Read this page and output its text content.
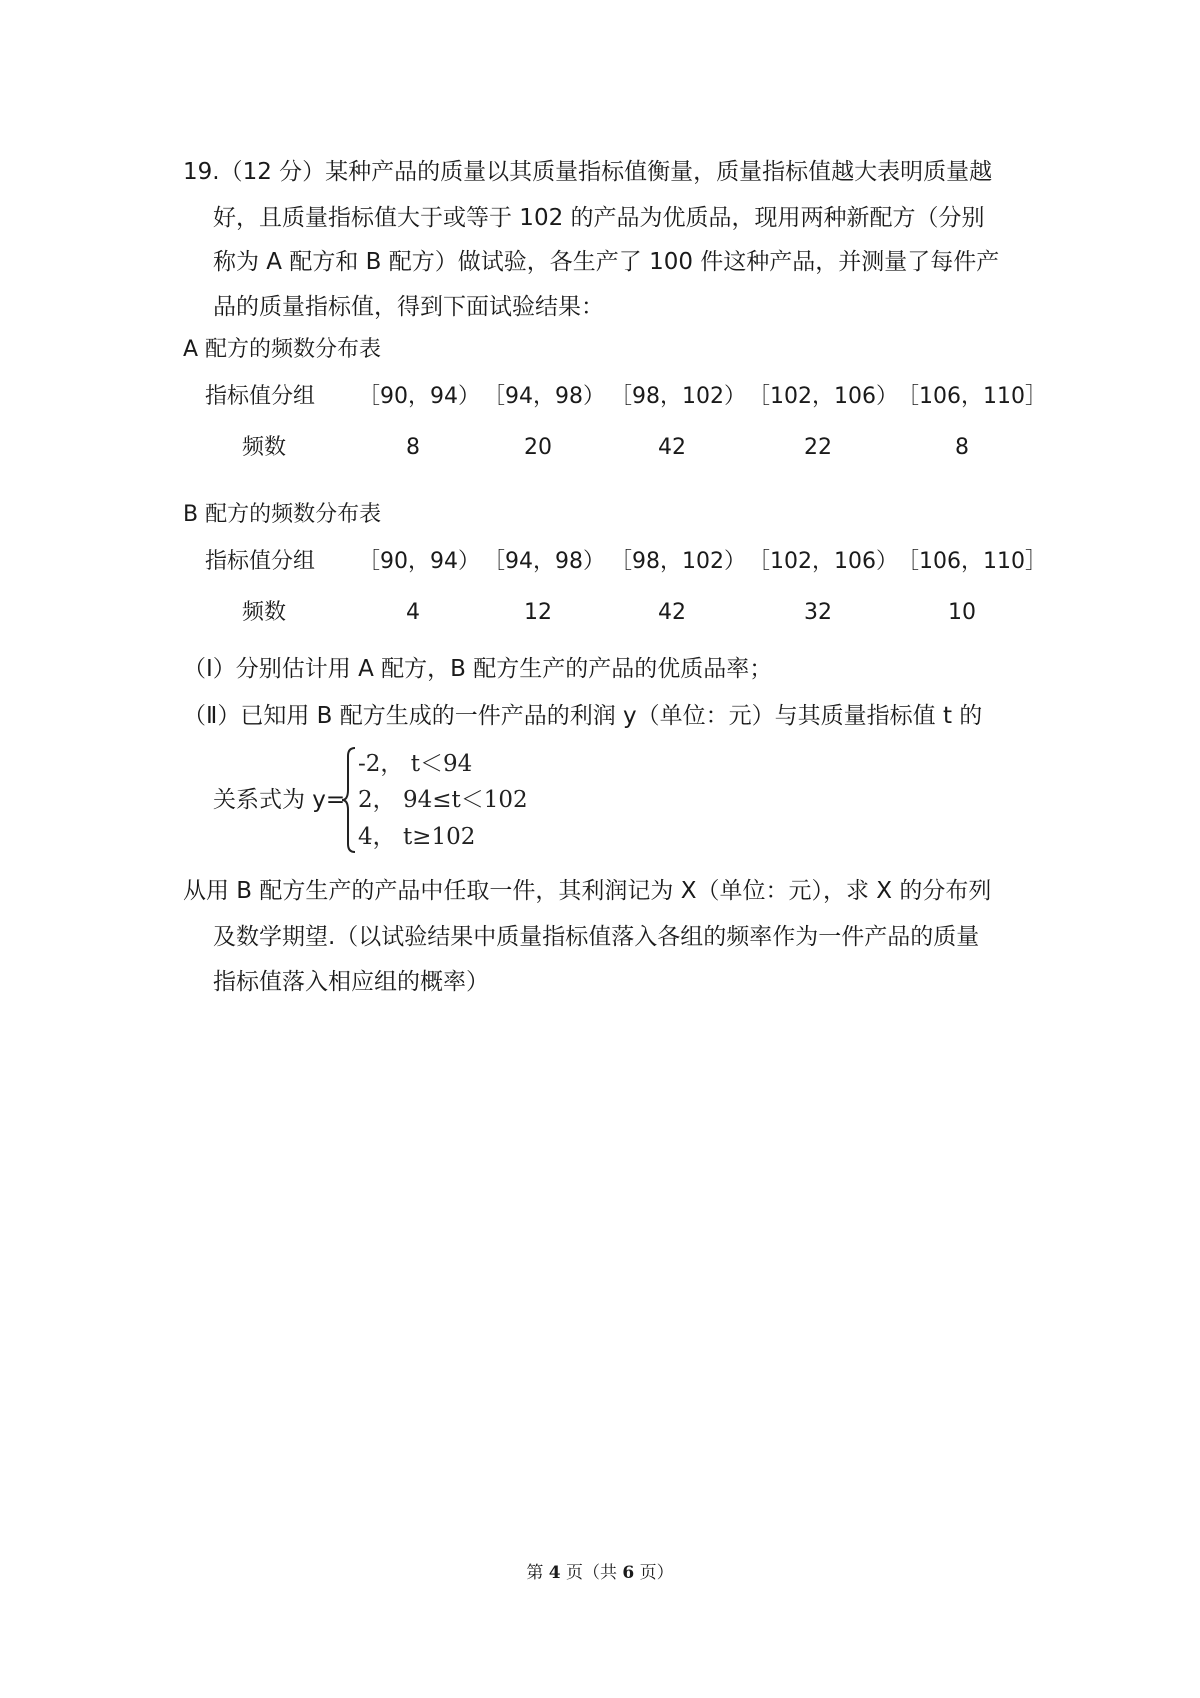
19.（12 分）某种产品的质量以其质量指标值衡量，质量指标值越大表明质量越
好，且质量指标值大于或等于 102 的产品为优质品，现用两种新配方（分别
称为 A 配方和 B 配方）做试验，各生产了 100 件这种产品，并测量了每件产
品的质量指标值，得到下面试验结果：
A 配方的频数分布表
指标值分组 ［90，94） ［94，98） ［98，102） ［102，106） ［106，110］
频数	8	20	42	22	8
B 配方的频数分布表
指标值分组 ［90，94） ［94，98） ［98，102） ［102，106） ［106，110］
频数	4	12	42	32	10
（Ⅰ）分别估计用 A 配方，B 配方生产的产品的优质品率；
（Ⅱ）已知用 B 配方生成的一件产品的利润 y（单位：元）与其质量指标值 t 的
关系式为 y=
-2， t＜94
2， 94≤t＜102
4， t≥102
从用 B 配方生产的产品中任取一件，其利润记为 X（单位：元），求 X 的分布列
及数学期望.（以试验结果中质量指标值落入各组的频率作为一件产品的质量
指标值落入相应组的概率）
第 4 页（共 6 页）
